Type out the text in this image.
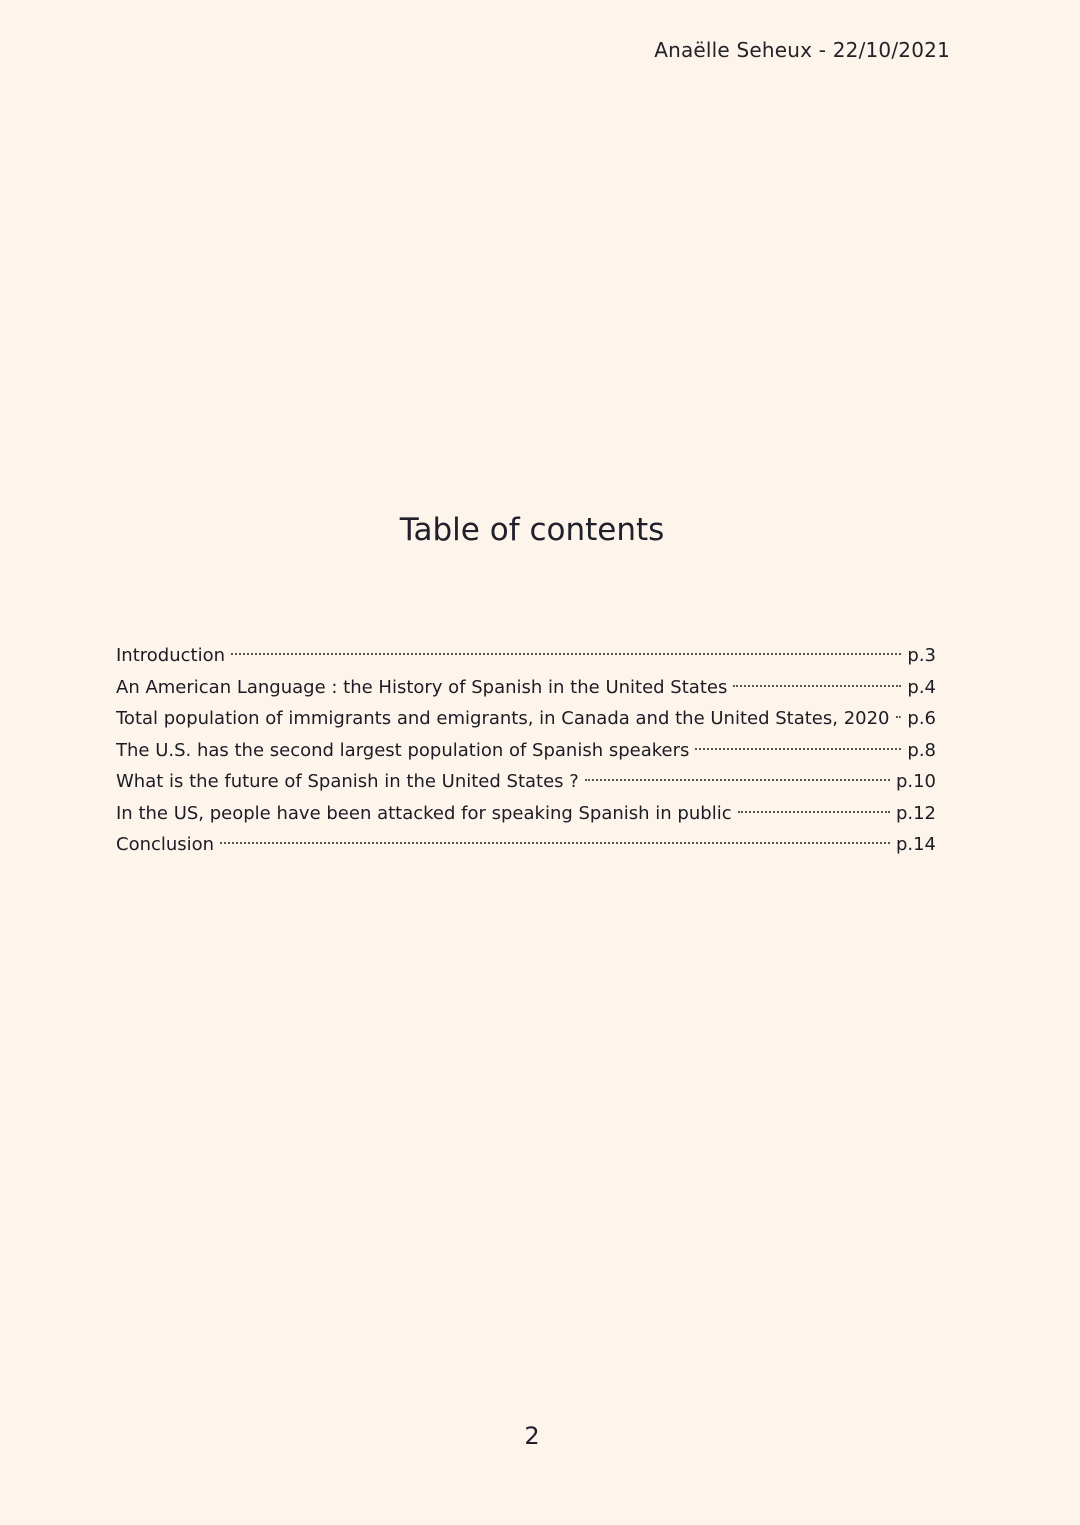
Anaëlle Seheux - 22/10/2021
Table of contents
Introduction	p.3
An American Language : the History of Spanish in the United States	p.4
Total population of immigrants and emigrants, in Canada and the United States, 2020 p.6
The U.S. has the second largest population of Spanish speakers	p.8
What is the future of Spanish in the United States ?	p.10
In the US, people have been attacked for speaking Spanish in public	p.12
Conclusion	p.14
2
